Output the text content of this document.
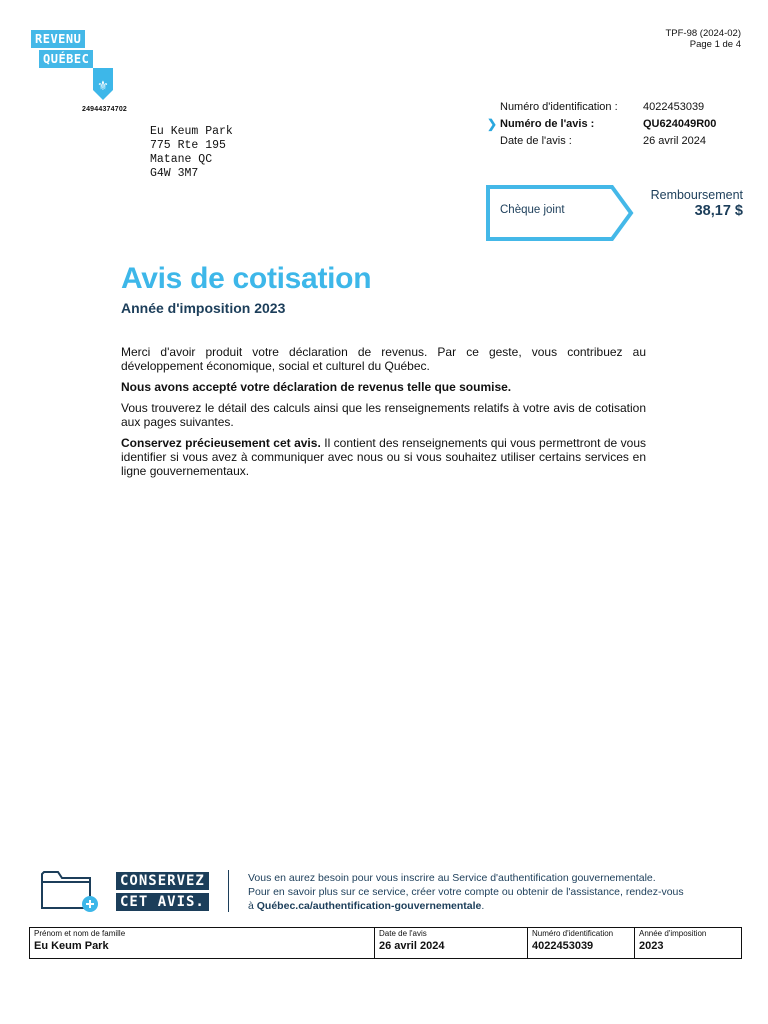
TPF-98 (2024-02)
Page 1 de 4
REVENU
QUÉBEC
⚜
24944374702
Eu Keum Park
775 Rte 195
Matane QC
G4W 3M7
Numéro d'identification :	4022453039
❯ Numéro de l'avis :	QU624049R00
Date de l'avis :	26 avril 2024
Chèque joint
Remboursement
38,17 $
Avis de cotisation
Année d'imposition 2023

Merci d'avoir produit votre déclaration de revenus. Par ce geste, vous contribuez au développement économique, social et culturel du Québec.

Nous avons accepté votre déclaration de revenus telle que soumise.

Vous trouverez le détail des calculs ainsi que les renseignements relatifs à votre avis de cotisation aux pages suivantes.

Conservez précieusement cet avis. Il contient des renseignements qui vous permettront de vous identifier si vous avez à communiquer avec nous ou si vous souhaitez utiliser certains services en ligne gouvernementaux.

CONSERVEZ
CET AVIS.
Vous en aurez besoin pour vous inscrire au Service d'authentification gouvernementale.
Pour en savoir plus sur ce service, créer votre compte ou obtenir de l'assistance, rendez-vous
à Québec.ca/authentification-gouvernementale.
Prénom et nom de famille
Eu Keum Park
Date de l'avis
26 avril 2024
Numéro d'identification
4022453039
Année d'imposition
2023
